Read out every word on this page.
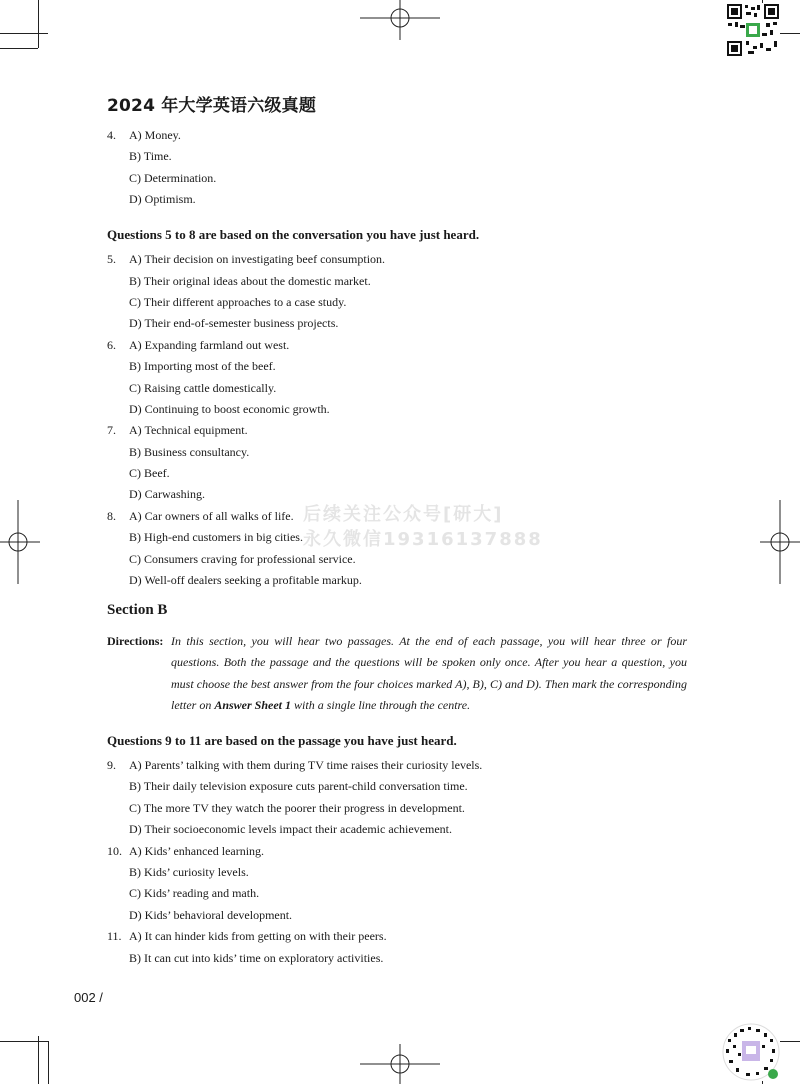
2024 年大学英语六级真题
4. A) Money.
B) Time.
C) Determination.
D) Optimism.
Questions 5 to 8 are based on the conversation you have just heard.
5. A) Their decision on investigating beef consumption.
B) Their original ideas about the domestic market.
C) Their different approaches to a case study.
D) Their end-of-semester business projects.
6. A) Expanding farmland out west.
B) Importing most of the beef.
C) Raising cattle domestically.
D) Continuing to boost economic growth.
7. A) Technical equipment.
B) Business consultancy.
C) Beef.
D) Carwashing.
8. A) Car owners of all walks of life.
B) High-end customers in big cities.
C) Consumers craving for professional service.
D) Well-off dealers seeking a profitable markup.
后续关注公众号[研大]
永久微信19316137888
Section B
Directions: In this section, you will hear two passages. At the end of each passage, you will hear three or four
questions. Both the passage and the questions will be spoken only once. After you hear a question, you
must choose the best answer from the four choices marked A), B), C) and D). Then mark the corresponding
letter on Answer Sheet 1 with a single line through the centre.
Questions 9 to 11 are based on the passage you have just heard.
9. A) Parents’ talking with them during TV time raises their curiosity levels.
B) Their daily television exposure cuts parent-child conversation time.
C) The more TV they watch the poorer their progress in development.
D) Their socioeconomic levels impact their academic achievement.
10. A) Kids’ enhanced learning.
B) Kids’ curiosity levels.
C) Kids’ reading and math.
D) Kids’ behavioral development.
11. A) It can hinder kids from getting on with their peers.
B) It can cut into kids’ time on exploratory activities.
002 /
